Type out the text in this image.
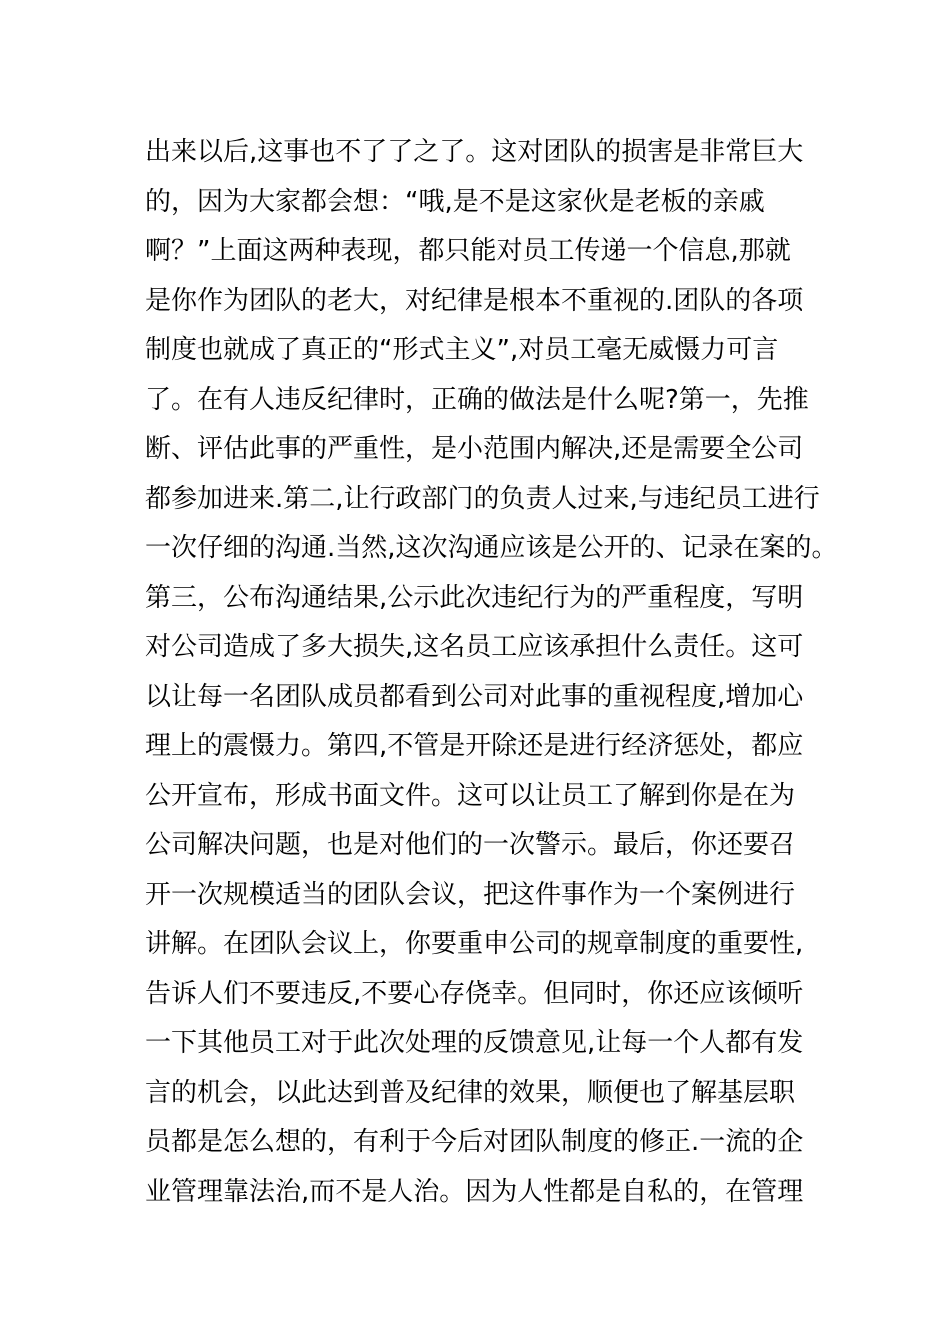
出来以后,这事也不了了之了。这对团队的损害是非常巨大
的，因为大家都会想：“哦,是不是这家伙是老板的亲戚
啊？”上面这两种表现，都只能对员工传递一个信息,那就
是你作为团队的老大，对纪律是根本不重视的.团队的各项
制度也就成了真正的“形式主义”,对员工毫无威慑力可言
了。在有人违反纪律时，正确的做法是什么呢?第一，先推
断、评估此事的严重性，是小范围内解决,还是需要全公司
都参加进来.第二,让行政部门的负责人过来,与违纪员工进行
一次仔细的沟通.当然,这次沟通应该是公开的、记录在案的。
第三，公布沟通结果,公示此次违纪行为的严重程度，写明
对公司造成了多大损失,这名员工应该承担什么责任。这可
以让每一名团队成员都看到公司对此事的重视程度,增加心
理上的震慑力。第四,不管是开除还是进行经济惩处，都应
公开宣布，形成书面文件。这可以让员工了解到你是在为
公司解决问题，也是对他们的一次警示。最后，你还要召
开一次规模适当的团队会议，把这件事作为一个案例进行
讲解。在团队会议上，你要重申公司的规章制度的重要性,
告诉人们不要违反,不要心存侥幸。但同时，你还应该倾听
一下其他员工对于此次处理的反馈意见,让每一个人都有发
言的机会，以此达到普及纪律的效果，顺便也了解基层职
员都是怎么想的，有利于今后对团队制度的修正.一流的企
业管理靠法治,而不是人治。因为人性都是自私的，在管理
